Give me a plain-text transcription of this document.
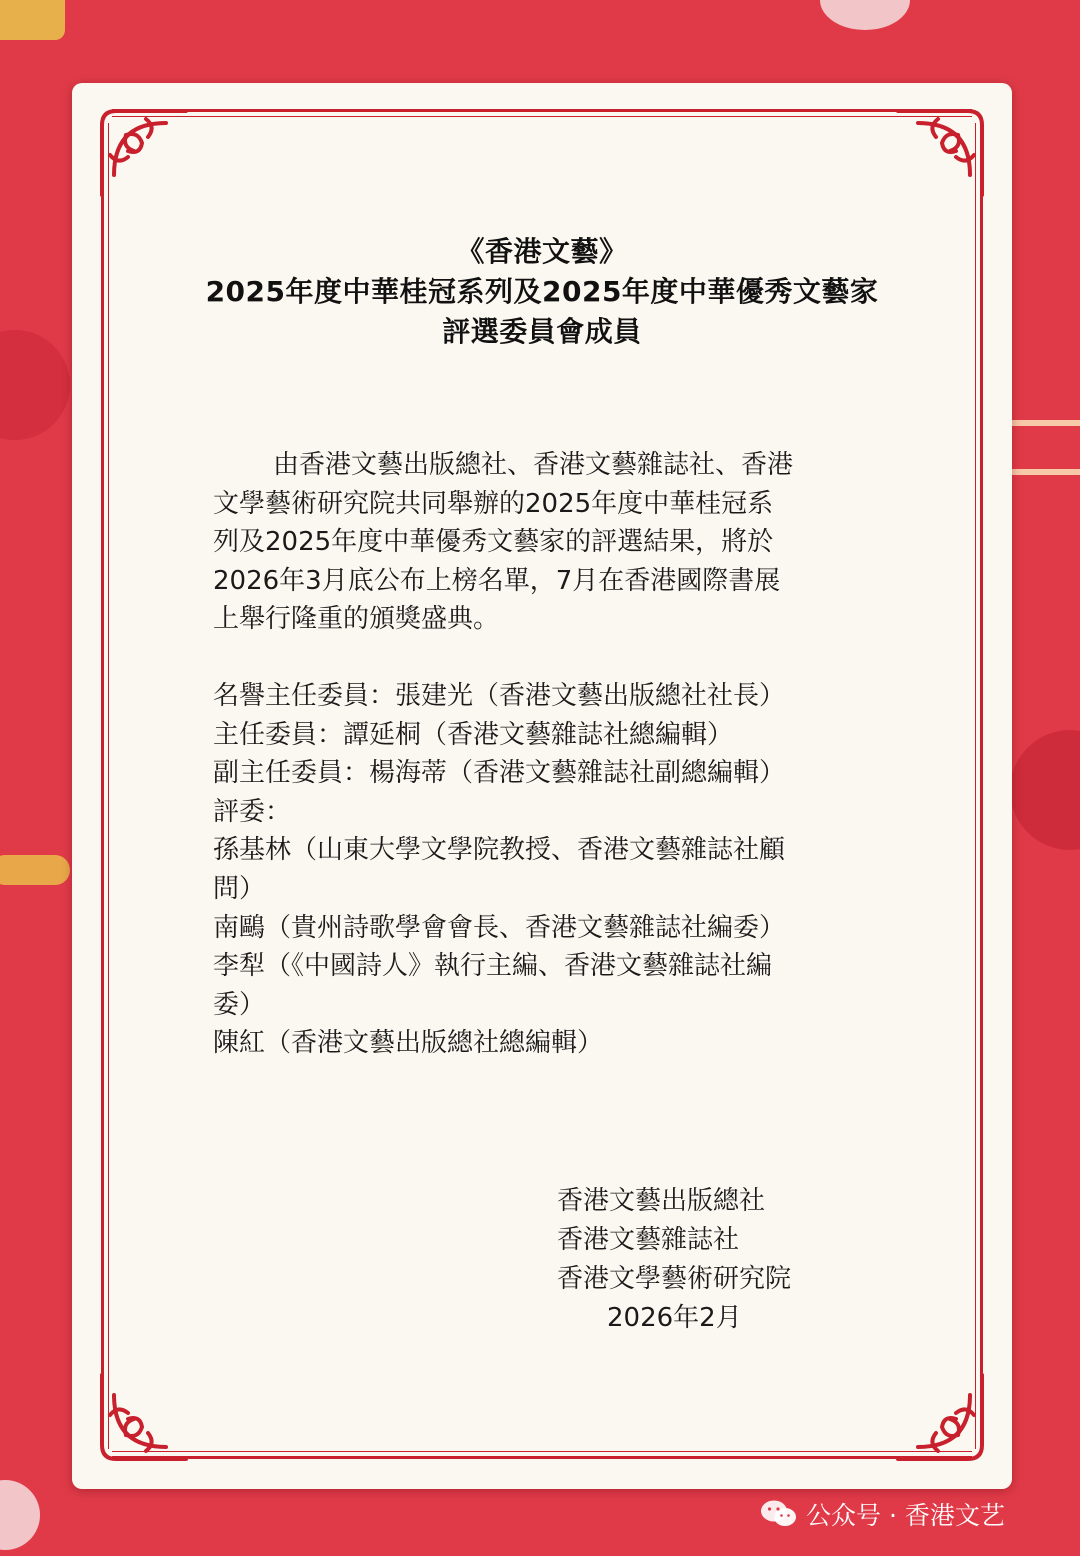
《香港文藝》
2025年度中華桂冠系列及2025年度中華優秀文藝家
評選委員會成員
由香港文藝出版總社、香港文藝雜誌社、香港
文學藝術研究院共同舉辦的2025年度中華桂冠系
列及2025年度中華優秀文藝家的評選結果，將於
2026年3月底公布上榜名單，7月在香港國際書展
上舉行隆重的頒獎盛典。
名譽主任委員：張建光（香港文藝出版總社社長）
主任委員：譚延桐（香港文藝雜誌社總編輯）
副主任委員：楊海蒂（香港文藝雜誌社副總編輯）
評委：
孫基林（山東大學文學院教授、香港文藝雜誌社顧
問）
南鷗（貴州詩歌學會會長、香港文藝雜誌社編委）
李犁（《中國詩人》執行主編、香港文藝雜誌社編
委）
陳紅（香港文藝出版總社總編輯）
香港文藝出版總社
香港文藝雜誌社
香港文學藝術研究院
2026年2月
公众号 · 香港文艺
